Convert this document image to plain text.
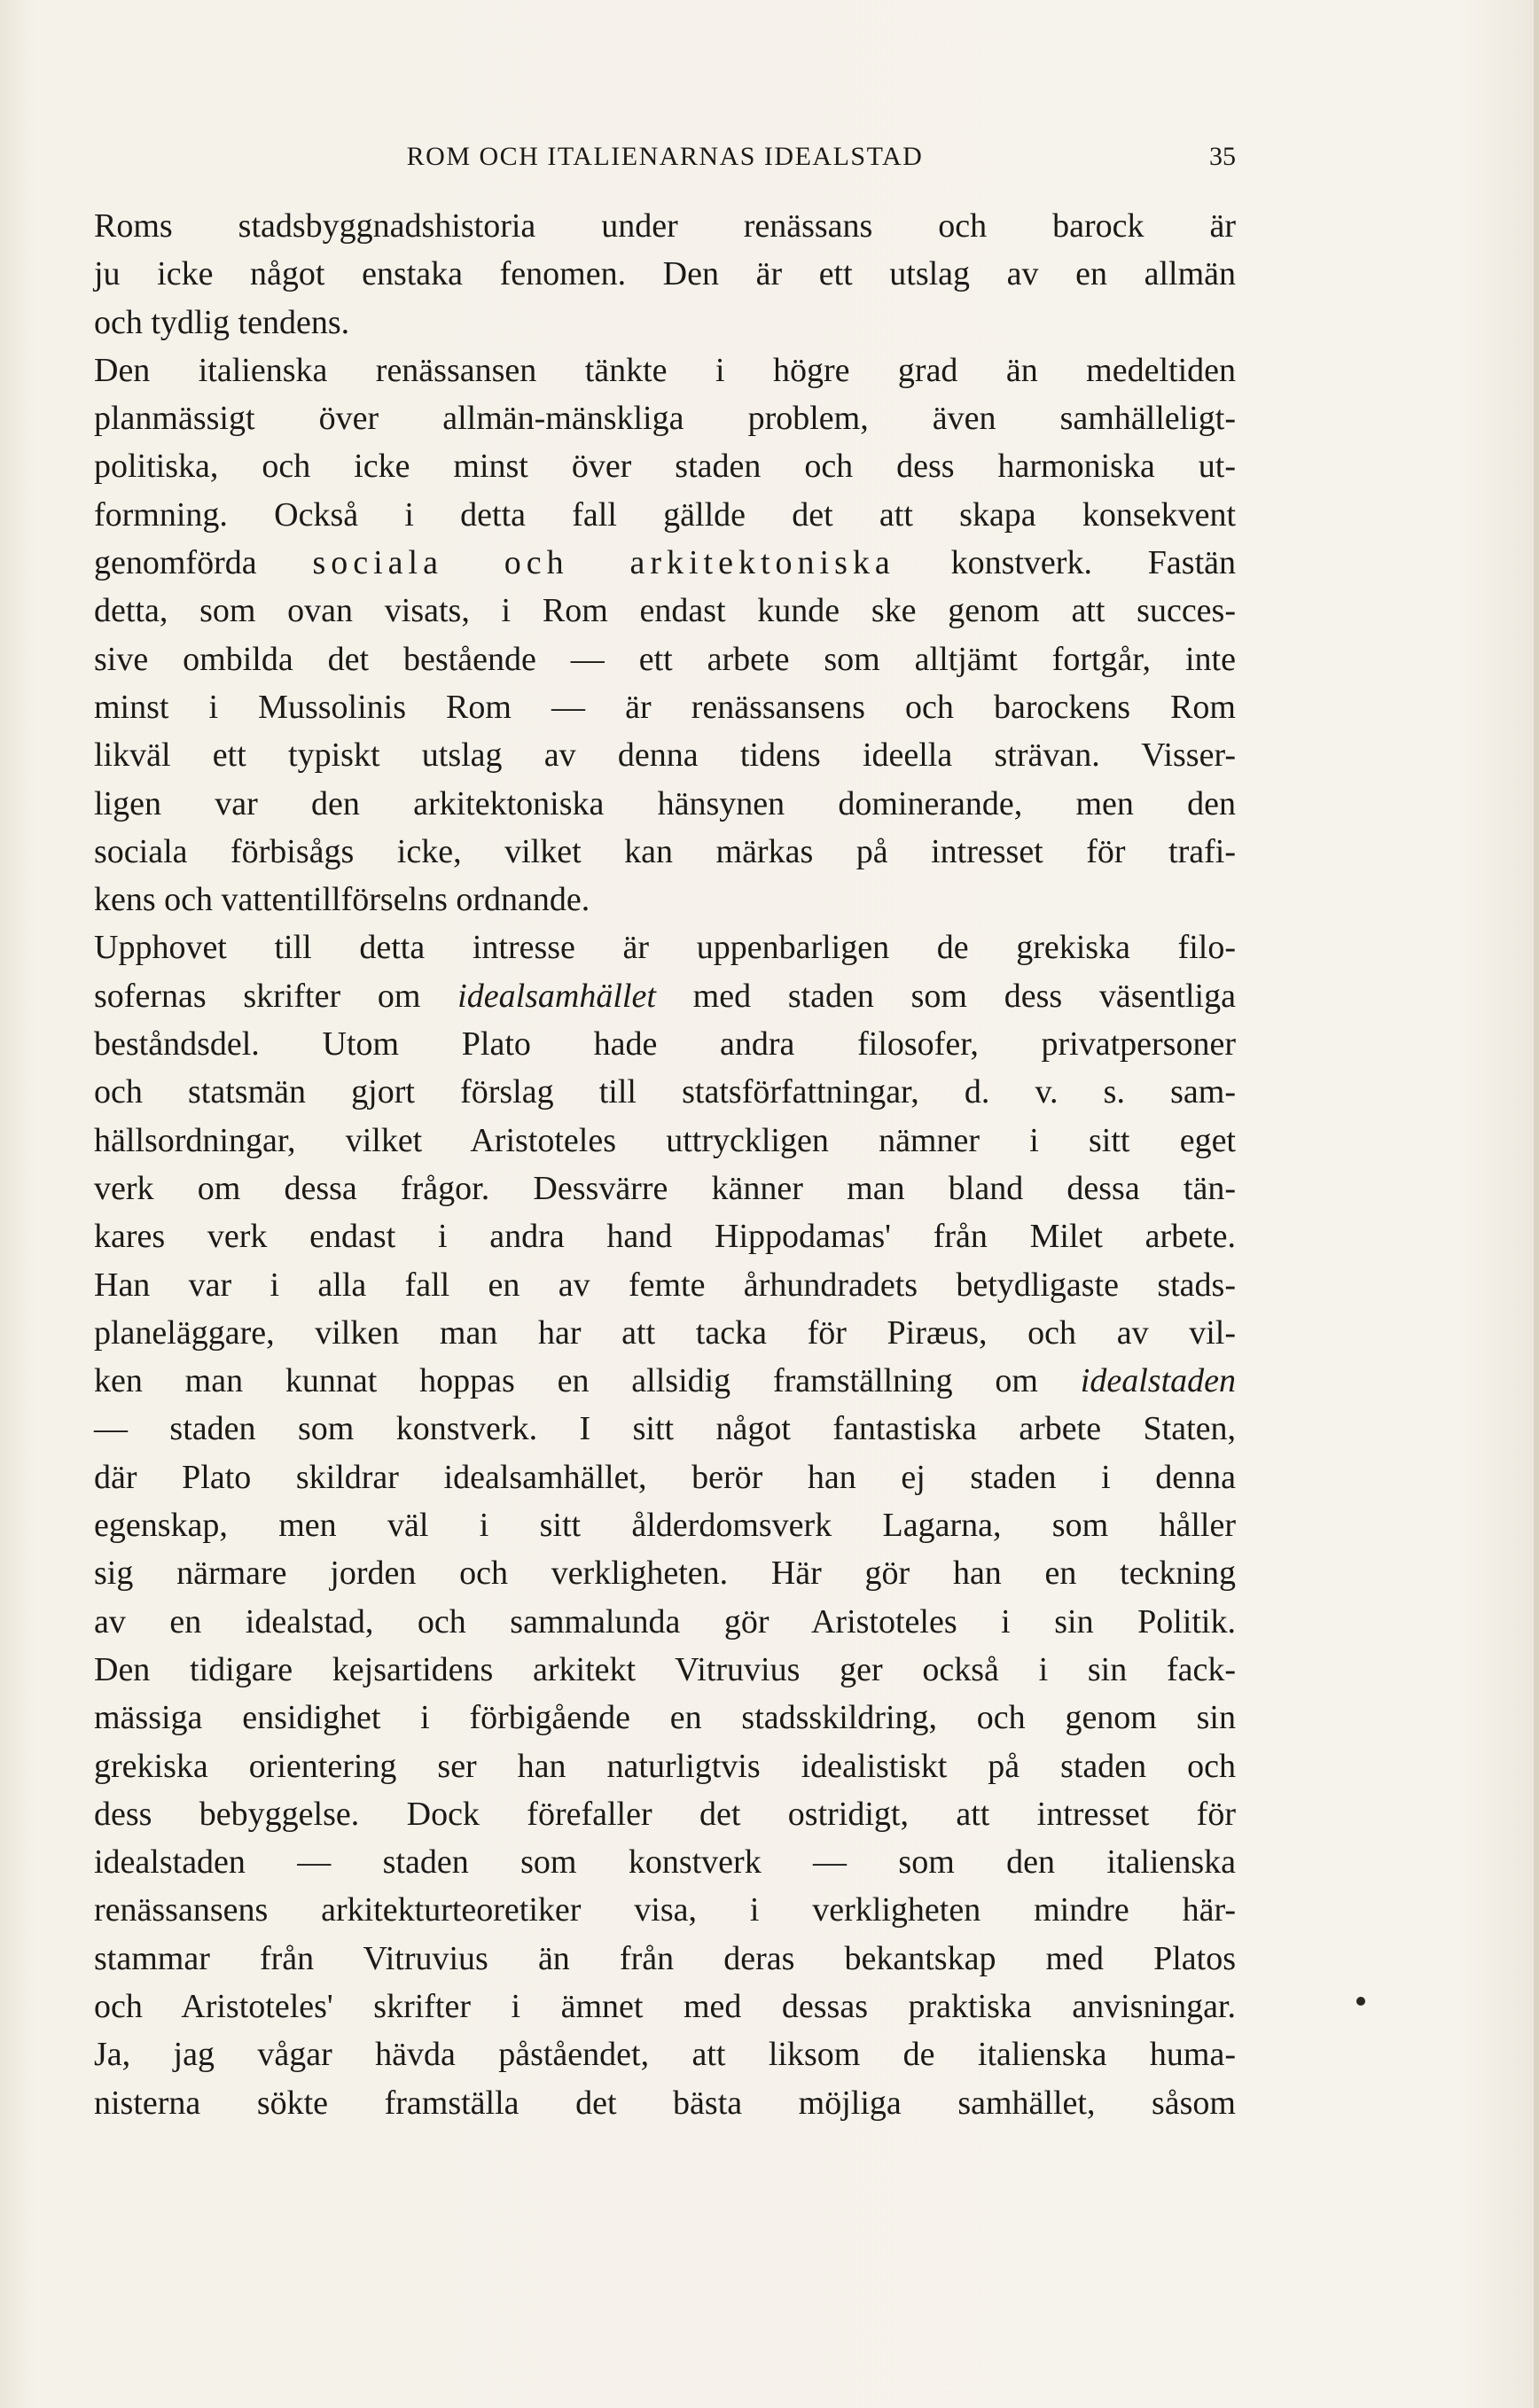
ROM OCH ITALIENARNAS IDEALSTAD	35
Roms stadsbyggnadshistoria under renässans och barock är
ju icke något enstaka fenomen. Den är ett utslag av en allmän
och tydlig tendens.
Den italienska renässansen tänkte i högre grad än medeltiden
planmässigt över allmän-mänskliga problem, även samhälleligt-
politiska, och icke minst över staden och dess harmoniska ut-
formning. Också i detta fall gällde det att skapa konsekvent
genomförda sociala och arkitektoniska konstverk. Fastän
detta, som ovan visats, i Rom endast kunde ske genom att succes-
sive ombilda det bestående — ett arbete som alltjämt fortgår, inte
minst i Mussolinis Rom — är renässansens och barockens Rom
likväl ett typiskt utslag av denna tidens ideella strävan. Visser-
ligen var den arkitektoniska hänsynen dominerande, men den
sociala förbisågs icke, vilket kan märkas på intresset för trafi-
kens och vattentillförselns ordnande.
Upphovet till detta intresse är uppenbarligen de grekiska filo-
sofernas skrifter om idealsamhället med staden som dess väsentliga
beståndsdel. Utom Plato hade andra filosofer, privatpersoner
och statsmän gjort förslag till statsförfattningar, d. v. s. sam-
hällsordningar, vilket Aristoteles uttryckligen nämner i sitt eget
verk om dessa frågor. Dessvärre känner man bland dessa tän-
kares verk endast i andra hand Hippodamas' från Milet arbete.
Han var i alla fall en av femte århundradets betydligaste stads-
planeläggare, vilken man har att tacka för Piræus, och av vil-
ken man kunnat hoppas en allsidig framställning om idealstaden
— staden som konstverk. I sitt något fantastiska arbete Staten,
där Plato skildrar idealsamhället, berör han ej staden i denna
egenskap, men väl i sitt ålderdomsverk Lagarna, som håller
sig närmare jorden och verkligheten. Här gör han en teckning
av en idealstad, och sammalunda gör Aristoteles i sin Politik.
Den tidigare kejsartidens arkitekt Vitruvius ger också i sin fack-
mässiga ensidighet i förbigående en stadsskildring, och genom sin
grekiska orientering ser han naturligtvis idealistiskt på staden och
dess bebyggelse. Dock förefaller det ostridigt, att intresset för
idealstaden — staden som konstverk — som den italienska
renässansens arkitekturteoretiker visa, i verkligheten mindre här-
stammar från Vitruvius än från deras bekantskap med Platos
och Aristoteles' skrifter i ämnet med dessas praktiska anvisningar.
Ja, jag vågar hävda påståendet, att liksom de italienska huma-
nisterna sökte framställa det bästa möjliga samhället, såsom
